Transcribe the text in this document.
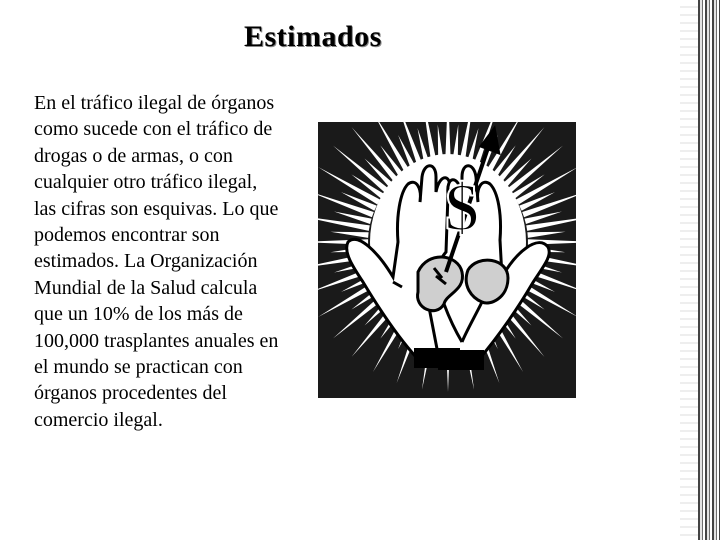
Estimados
En el tráfico ilegal de órganos como sucede con el tráfico de drogas o de armas, o con cualquier otro tráfico ilegal, las cifras son esquivas. Lo que podemos encontrar son estimados. La Organización Mundial de la Salud calcula que un 10% de los más de 100,000 trasplantes anuales en el mundo se practican con órganos procedentes del comercio ilegal.
$
